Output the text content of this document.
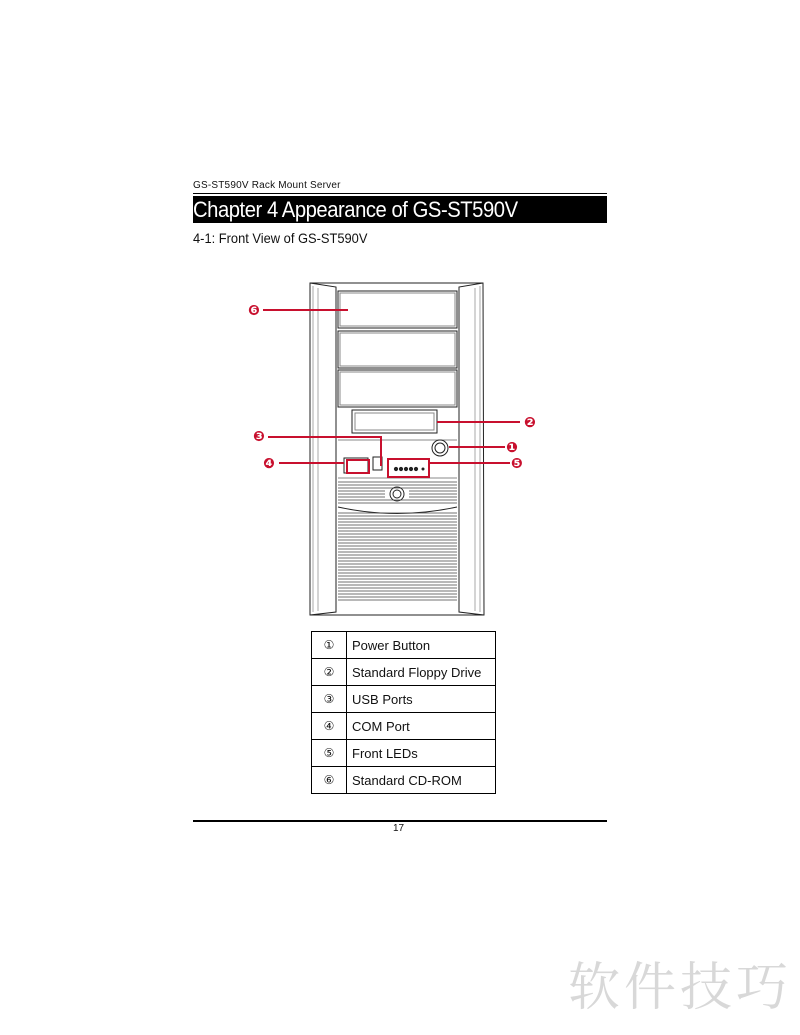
GS-ST590V Rack Mount Server
Chapter 4 Appearance of GS-ST590V
4-1: Front View of GS-ST590V
❻
❷
❸
❶
❺
❹
①	Power Button
②	Standard Floppy Drive
③	USB Ports
④	COM Port
⑤	Front LEDs
⑥	Standard CD-ROM
17
软件技巧
